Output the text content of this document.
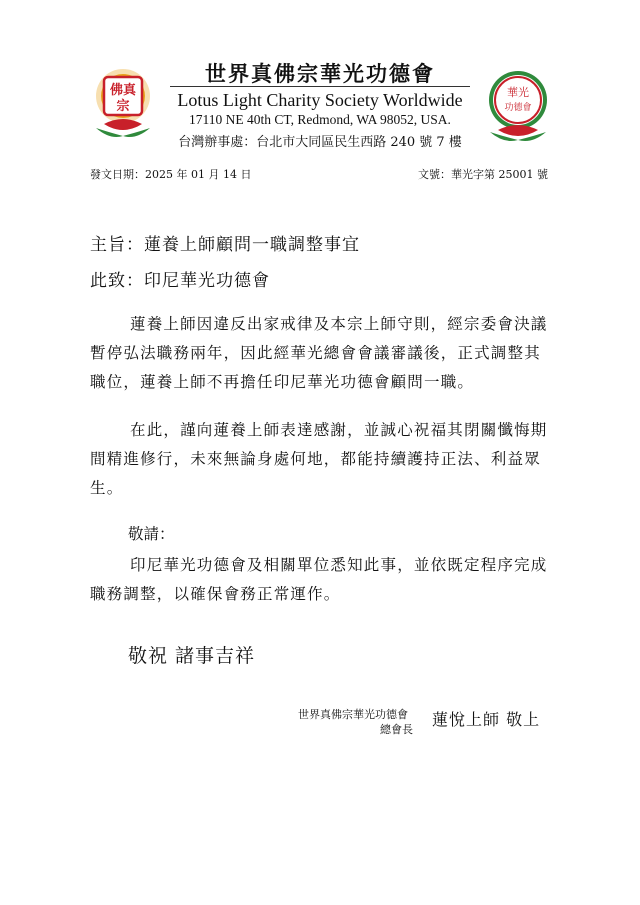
佛真
宗
世界真佛宗華光功德會
Lotus Light Charity Society Worldwide
17110 NE 40th CT, Redmond, WA 98052, USA.
台灣辦事處：台北市大同區民生西路 240 號 7 樓
華光
功德會
發文日期：2025 年 01 月 14 日	文號：華光字第 25001 號
主旨：蓮養上師顧問一職調整事宜
此致：印尼華光功德會
蓮養上師因違反出家戒律及本宗上師守則，經宗委會決議暫停弘法職務兩年，因此經華光總會會議審議後，正式調整其職位，蓮養上師不再擔任印尼華光功德會顧問一職。
在此，謹向蓮養上師表達感謝，並誠心祝福其閉關懺悔期間精進修行，未來無論身處何地，都能持續護持正法、利益眾生。
敬請：
印尼華光功德會及相關單位悉知此事，並依既定程序完成職務調整，以確保會務正常運作。
敬祝 諸事吉祥
世界真佛宗華光功德會
總會長
蓮悅上師 敬上
